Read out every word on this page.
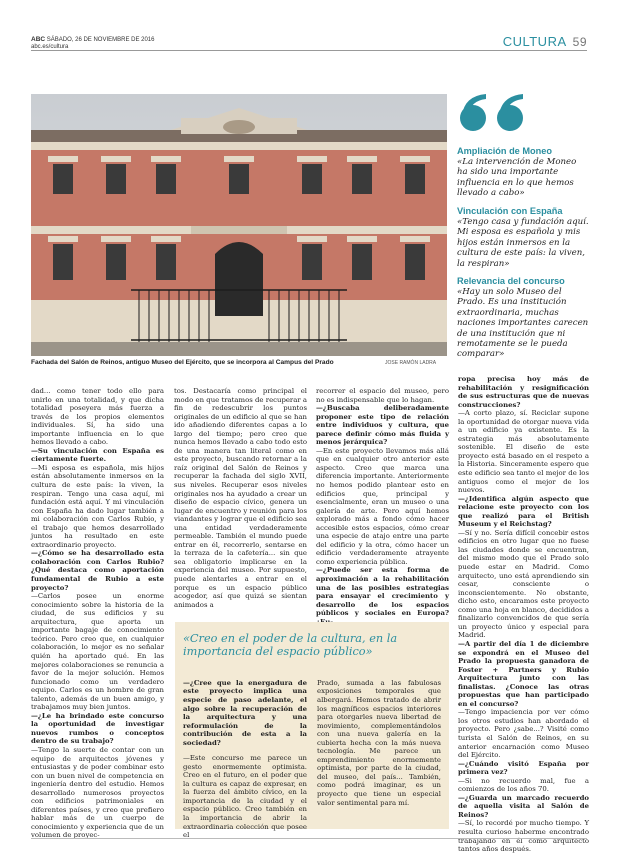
ABC SÁBADO, 26 DE NOVIEMBRE DE 2016
abc.es/cultura	CULTURA 59
Fachada del Salón de Reinos, antiguo Museo del Ejército, que se incorpora al Campus del Prado	JOSE RAMÓN LADRA
Ampliación de Moneo

«La intervención de Moneo ha sido una importante influencia en lo que hemos llevado a cabo»

Vinculación con España

«Tengo casa y fundación aquí. Mi esposa es española y mis hijos están inmersos en la cultura de este país: la viven, la respiran»

Relevancia del concurso

«Hay un solo Museo del Prado. Es una institución extraordinaria, muchas naciones importantes carecen de una institución que ni remotamente se le pueda comparar»

dad... como tener todo ello para unirlo en una totalidad, y que dicha totalidad poseyera más fuerza a través de los propios elementos individuales. Sí, ha sido una importante influencia en lo que hemos llevado a cabo.

—Su vinculación con España es ciertamente fuerte.

—Mi esposa es española, mis hijos están absolutamente inmersos en la cultura de este país: la viven, la respiran. Tengo una casa aquí, mi fundación está aquí. Y mi vinculación con España ha dado lugar también a mi colaboración con Carlos Rubio, y el trabajo que hemos desarrollado juntos ha resultado en este extraordinario proyecto.

—¿Cómo se ha desarrollado esta colaboración con Carlos Rubio? ¿Qué destaca como aportación fundamental de Rubio a este proyecto?

—Carlos posee un enorme conocimiento sobre la historia de la ciudad, de sus edificios y su arquitectura, que aporta un importante bagaje de conocimiento teórico. Pero creo que, en cualquier colaboración, lo mejor es no señalar quién ha aportado qué. En las mejores colaboraciones se renuncia a favor de la mejor solución. Hemos funcionado como un verdadero equipo. Carlos es un hombre de gran talento, además de un buen amigo, y trabajamos muy bien juntos.

—¿Le ha brindado este concurso la oportunidad de investigar nuevos rumbos o conceptos dentro de su trabajo?

—Tengo la suerte de contar con un equipo de arquitectos jóvenes y entusiastas y de poder combinar esto con un buen nivel de competencia en ingeniería dentro del estudio. Hemos desarrollado numerosos proyectos con edificios patrimoniales en diferentes países, y creo que prefiero hablar más de un cuerpo de conocimiento y experiencia que de un volumen de proyec-

tos. Destacaría como principal el modo en que tratamos de recuperar a fin de redescubrir los puntos originales de un edificio al que se han ido añadiendo diferentes capas a lo largo del tiempo; pero creo que nunca hemos llevado a cabo todo esto de una manera tan literal como en este proyecto, buscando retornar a la raíz original del Salón de Reinos y recuperar la fachada del siglo XVII, sus niveles. Recuperar esos niveles originales nos ha ayudado a crear un diseño de espacio cívico, genera un lugar de encuentro y reunión para los viandantes y lograr que el edificio sea una entidad verdaderamente permeable. También el mundo puede entrar en él, recorrerlo, sentarse en la terraza de la cafetería... sin que sea obligatorio implicarse en la experiencia del museo. Por supuesto, puede alentarles a entrar en el porque es un espacio público acogedor, así que quizá se sientan animados a

recorrer el espacio del museo, pero no es indispensable que lo hagan.

—¿Buscaba deliberadamente proponer este tipo de relación entre individuos y cultura, que parece definir cómo más fluida y menos jerárquica?

—En este proyecto llevamos más allá que en cualquier otro anterior este aspecto. Creo que marca una diferencia importante. Anteriormente no hemos podido plantear esto en edificios que, principal y esencialmente, eran un museo o una galería de arte. Pero aquí hemos explorado más a fondo cómo hacer accesible estos espacios, cómo crear una especie de atajo entre una parte del edificio y la otra, cómo hacer un edificio verdaderamente atrayente como experiencia pública.

—¿Puede ser esta forma de aproximación a la rehabilitación una de las posibles estrategias para ensayar el crecimiento y desarrollo de los espacios públicos y sociales en Europa?

ropa precisa hoy más de rehabilitación y resignificación de sus estructuras que de nuevas construcciones?

—A corto plazo, sí. Reciclar supone la oportunidad de otorgar nueva vida a un edificio ya existente. Es la estrategia más absolutamente sostenible. El diseño de este proyecto está basado en el respeto a la Historia. Sinceramente espero que este edificio sea tanto el mejor de los antiguos como el mejor de los nuevos.

—¿Identifica algún aspecto que relacione este proyecto con los que realizó para el British Museum y el Reichstag?

—Sí y no. Sería difícil concebir estos edificios en otro lugar que no fuese las ciudades donde se encuentran, del mismo modo que el Prado solo puede estar en Madrid. Como arquitecto, uno está aprendiendo sin cesar, consciente o inconscientemente. No obstante, dicho esto, encaramos este proyecto como una hoja en blanco, decididos a finalizarlo convencidos de que sería un proyecto único y especial para Madrid.

—A partir del día 1 de diciembre se expondrá en el Museo del Prado la propuesta ganadora de Foster + Partners y Rubio Arquitectura junto con las finalistas. ¿Conoce las otras propuestas que han participado en el concurso?

—Tengo impaciencia por ver cómo los otros estudios han abordado el proyecto. Pero ¿sabe...? Visité como turista el Salón de Reinos, en su anterior encarnación como Museo del Ejército.

—¿Cuándo visitó España por primera vez?

—Si no recuerdo mal, fue a comienzos de los años 70.

—¿Guarda un marcado recuerdo de aquella visita al Salón de Reinos?

—Sí, lo recordé por mucho tiempo. Y resulta curioso haberme encontrado trabajando en él como arquitecto tantos años después.

«Creo en el poder de la cultura, en la importancia del espacio público»

—¿Cree que la energadura de este proyecto implica una especie de paso adelante, el algo sobre la recuperación de la arquitectura y una reformulación de la contribución de esta a la sociedad?

—Este concurso me parece un gesto enormemente optimista. Creo en el futuro, en el poder que la cultura es capaz de expresar, en la fuerza del ámbito cívico, en la importancia de la ciudad y el espacio público. Creo también en la importancia de abrir la extraordinaria colección que posee el

Prado, sumada a las fabulosas exposiciones temporales que albergará. Hemos tratado de abrir los magníficos espacios interiores para otorgarles nueva libertad de movimiento, complementándolos con una nueva galería en la cubierta hecha con la más nueva tecnología. Me parece un emprendimiento enormemente optimista, por parte de la ciudad, del museo, del país... También, como podrá imaginar, es un proyecto que tiene un especial valor sentimental para mí.
